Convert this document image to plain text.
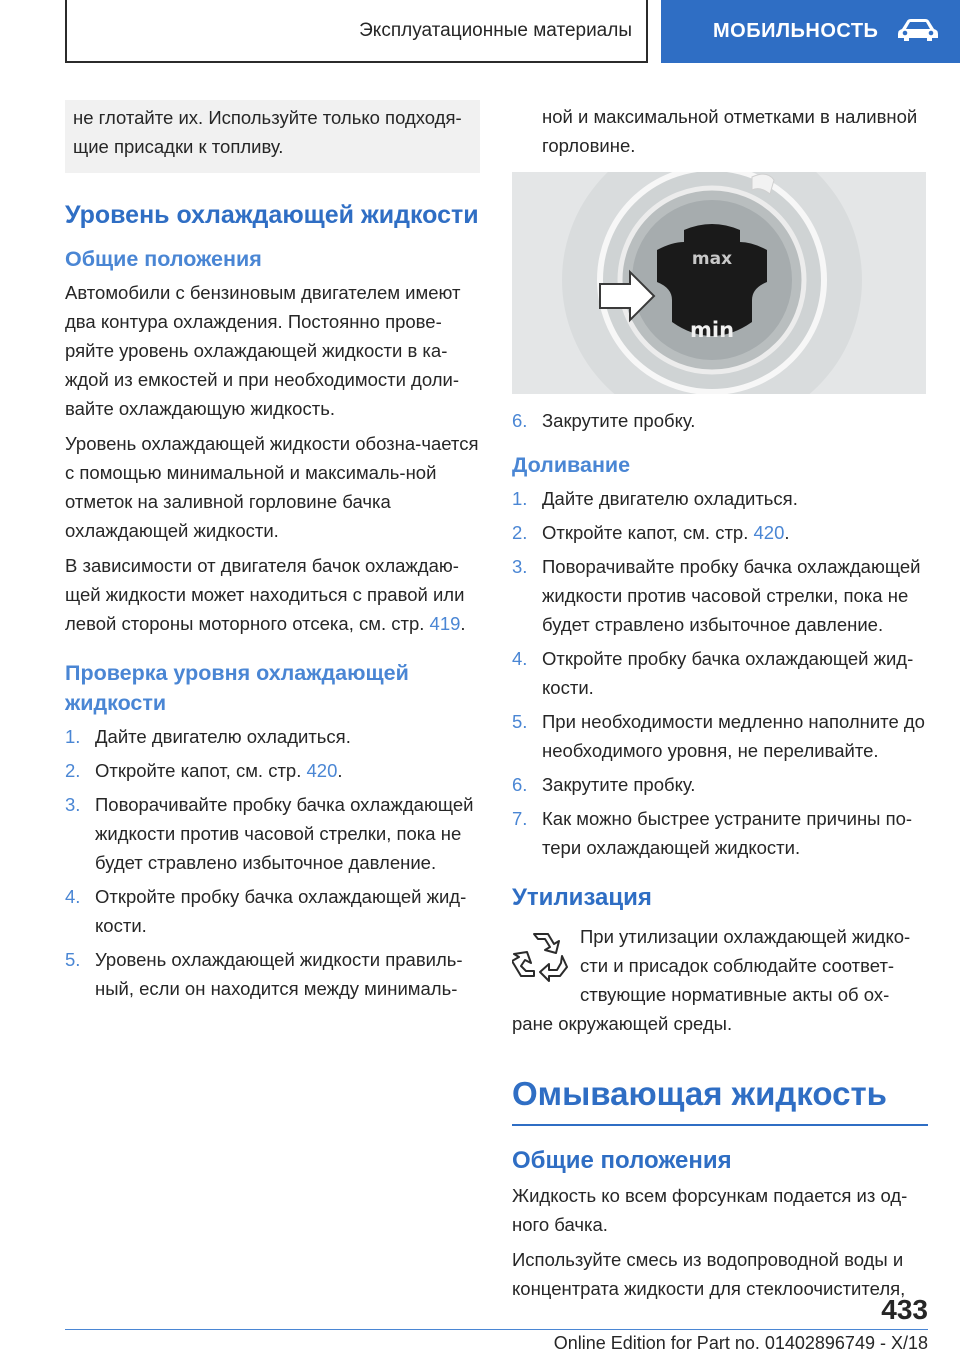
Эксплуатационные материалы	МОБИЛЬНОСТЬ
не глотайте их. Используйте только подходя-щие присадки к топливу.
Уровень охлаждающей жидкости
Общие положения

Автомобили с бензиновым двигателем имеют два контура охлаждения. Постоянно прове-ряйте уровень охлаждающей жидкости в ка-ждой из емкостей и при необходимости доли-вайте охлаждающую жидкость.

Уровень охлаждающей жидкости обозна-чается с помощью минимальной и максималь-ной отметок на заливной горловине бачка охлаждающей жидкости.

В зависимости от двигателя бачок охлаждаю-щей жидкости может находиться с правой или левой стороны моторного отсека, см. стр. 419.

Проверка уровня охлаждающей жидкости
1. Дайте двигателю охладиться.
2. Откройте капот, см. стр. 420.
3. Поворачивайте пробку бачка охлаждающей жидкости против часовой стрелки, пока не будет стравлено избыточное давление.
4. Откройте пробку бачка охлаждающей жид-кости.
5. Уровень охлаждающей жидкости правиль-ный, если он находится между минималь-

ной и максимальной отметками в наливной горловине.

max
min
6. Закрутите пробку.
Доливание
1. Дайте двигателю охладиться.
2. Откройте капот, см. стр. 420.
3. Поворачивайте пробку бачка охлаждающей жидкости против часовой стрелки, пока не будет стравлено избыточное давление.
4. Откройте пробку бачка охлаждающей жид-кости.
5. При необходимости медленно наполните до необходимого уровня, не переливайте.
6. Закрутите пробку.
7. Как можно быстрее устраните причины по-тери охлаждающей жидкости.
Утилизация

При утилизации охлаждающей жидко-сти и присадок соблюдайте соответ-ствующие нормативные акты об ох-

ране окружающей среды.

Омывающая жидкость
Общие положения

Жидкость ко всем форсункам подается из од-ного бачка.

Используйте смесь из водопроводной воды и концентрата жидкости для стеклоочистителя,

433
Online Edition for Part no. 01402896749 - X/18
